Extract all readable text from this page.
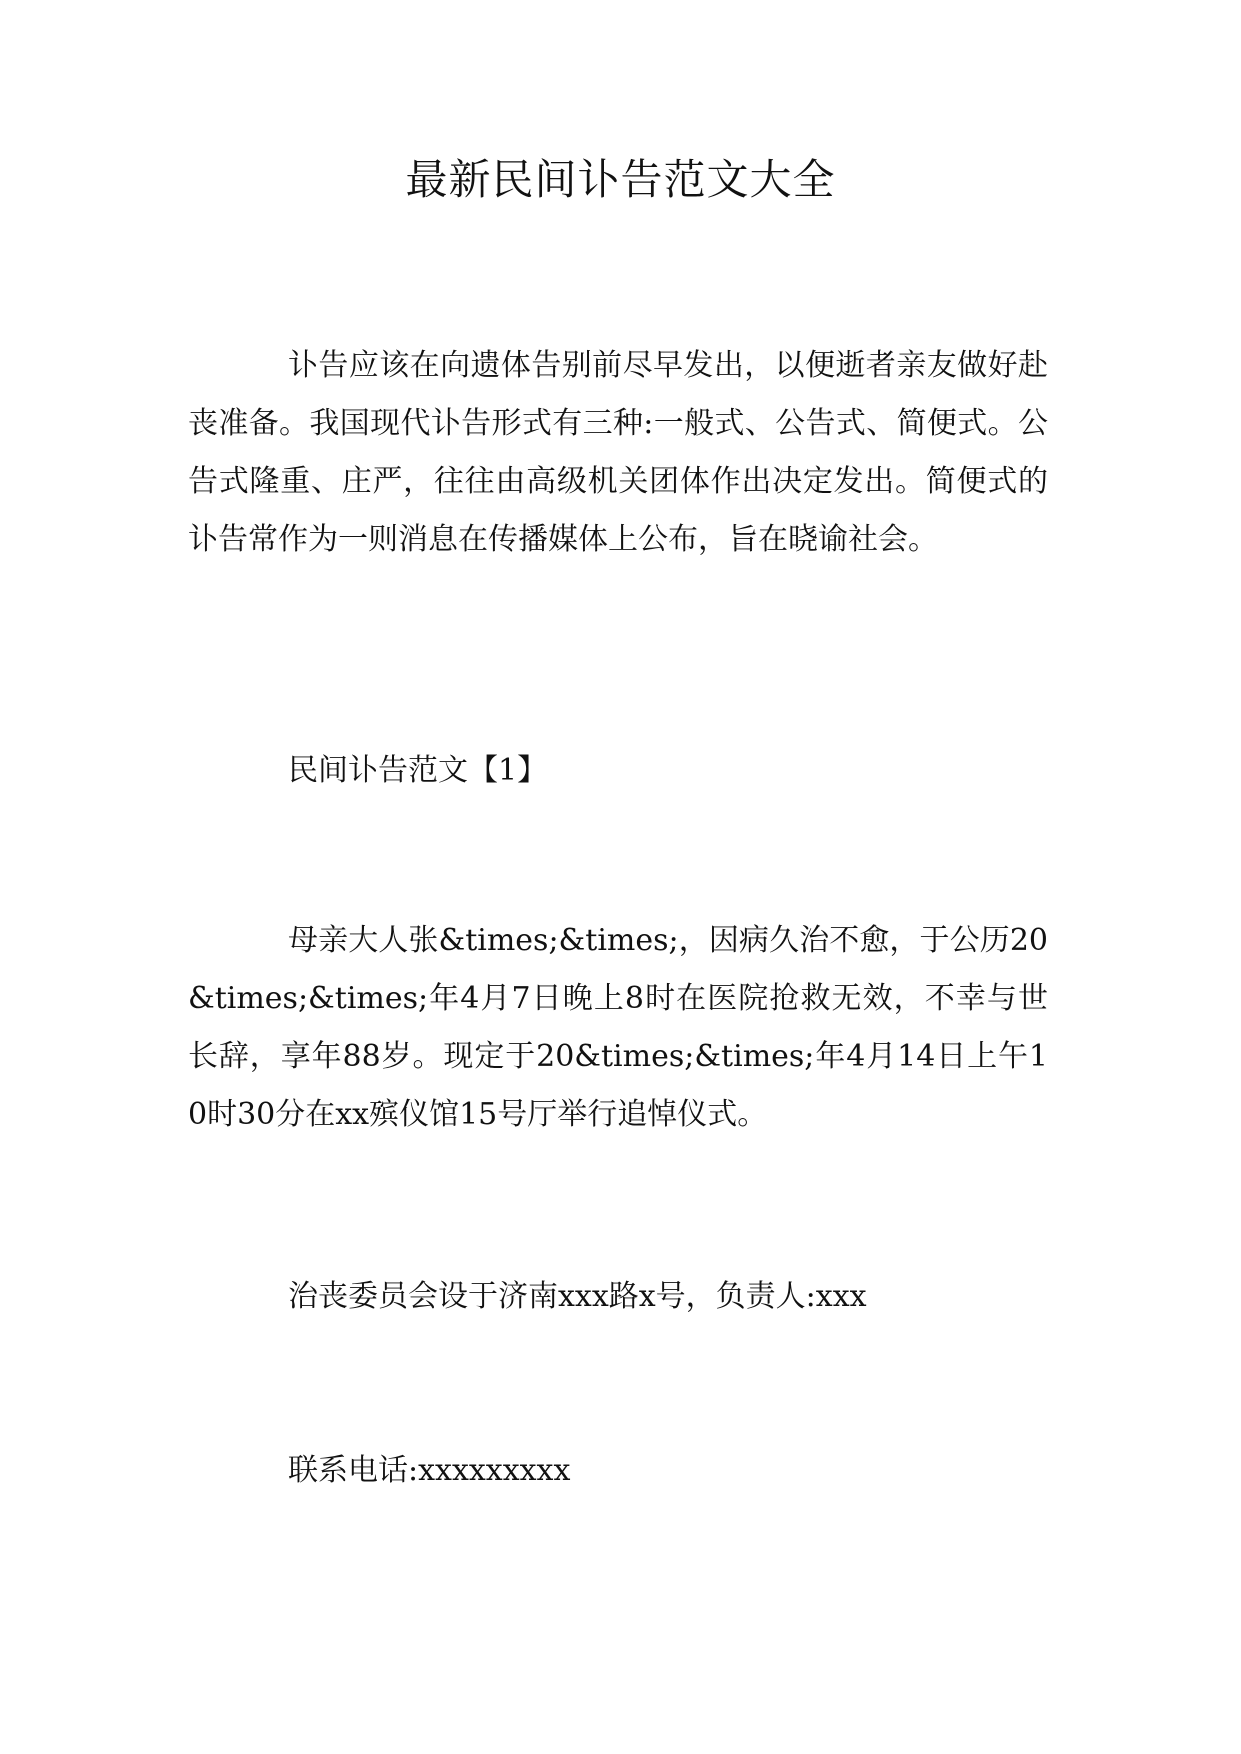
最新民间讣告范文大全

讣告应该在向遗体告别前尽早发出，以便逝者亲友做好赴丧准备。我国现代讣告形式有三种:一般式、公告式、简便式。公告式隆重、庄严，往往由高级机关团体作出决定发出。简便式的讣告常作为一则消息在传播媒体上公布，旨在晓谕社会。

民间讣告范文【1】

母亲大人张&times;&times;，因病久治不愈，于公历20&times;&times;年4月7日晚上8时在医院抢救无效，不幸与世长辞，享年88岁。现定于20&times;&times;年4月14日上午10时30分在xx殡仪馆15号厅举行追悼仪式。

治丧委员会设于济南xxx路x号，负责人:xxx

联系电话:xxxxxxxxx
